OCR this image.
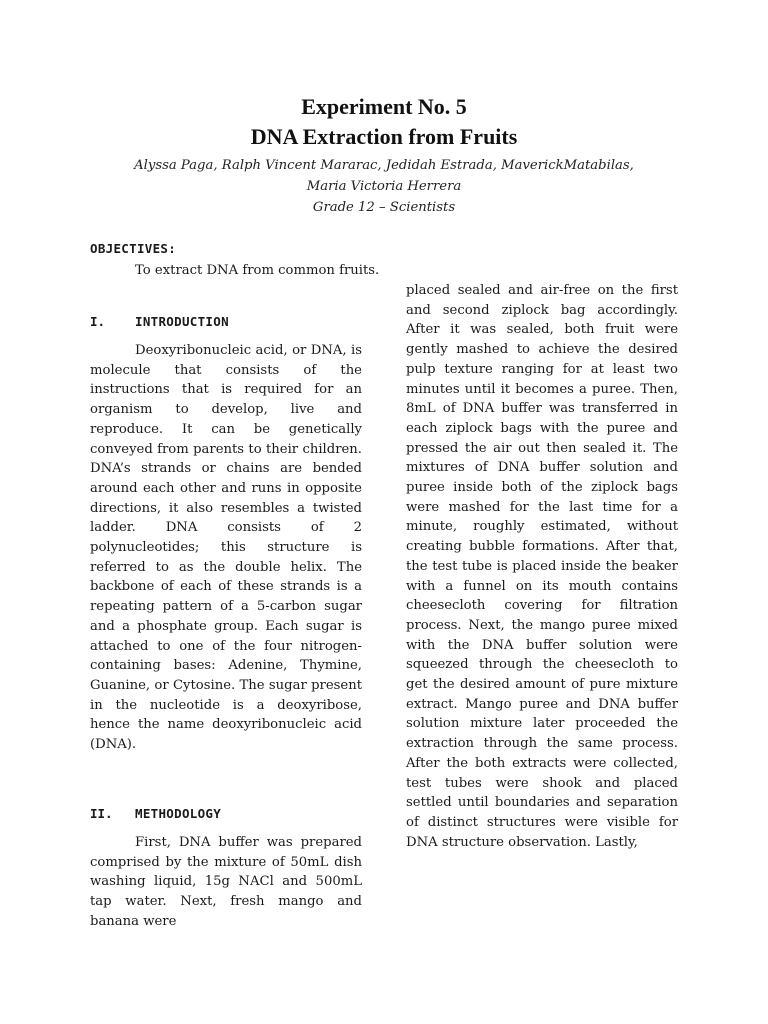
Experiment No. 5
DNA Extraction from Fruits
Alyssa Paga, Ralph Vincent Mararac, Jedidah Estrada, MaverickMatabilas,
Maria Victoria Herrera
Grade 12 – Scientists
OBJECTIVES:
To extract DNA from common fruits.
I. INTRODUCTION

Deoxyribonucleic acid, or DNA, is molecule that consists of the instructions that is required for an organism to develop, live and reproduce. It can be genetically conveyed from parents to their children. DNA’s strands or chains are bended around each other and runs in opposite directions, it also resembles a twisted ladder. DNA consists of 2 polynucleotides; this structure is referred to as the double helix. The backbone of each of these strands is a repeating pattern of a 5-carbon sugar and a phosphate group. Each sugar is attached to one of the four nitrogen-containing bases: Adenine, Thymine, Guanine, or Cytosine. The sugar present in the nucleotide is a deoxyribose, hence the name deoxyribonucleic acid (DNA).

II. METHODOLOGY

First, DNA buffer was prepared comprised by the mixture of 50mL dish washing liquid, 15g NACl and 500mL tap water. Next, fresh mango and banana were

placed sealed and air-free on the first and second ziplock bag accordingly. After it was sealed, both fruit were gently mashed to achieve the desired pulp texture ranging for at least two minutes until it becomes a puree. Then, 8mL of DNA buffer was transferred in each ziplock bags with the puree and pressed the air out then sealed it. The mixtures of DNA buffer solution and puree inside both of the ziplock bags were mashed for the last time for a minute, roughly estimated, without creating bubble formations. After that, the test tube is placed inside the beaker with a funnel on its mouth contains cheesecloth covering for filtration process. Next, the mango puree mixed with the DNA buffer solution were squeezed through the cheesecloth to get the desired amount of pure mixture extract. Mango puree and DNA buffer solution mixture later proceeded the extraction through the same process. After the both extracts were collected, test tubes were shook and placed settled until boundaries and separation of distinct structures were visible for DNA structure observation. Lastly,
